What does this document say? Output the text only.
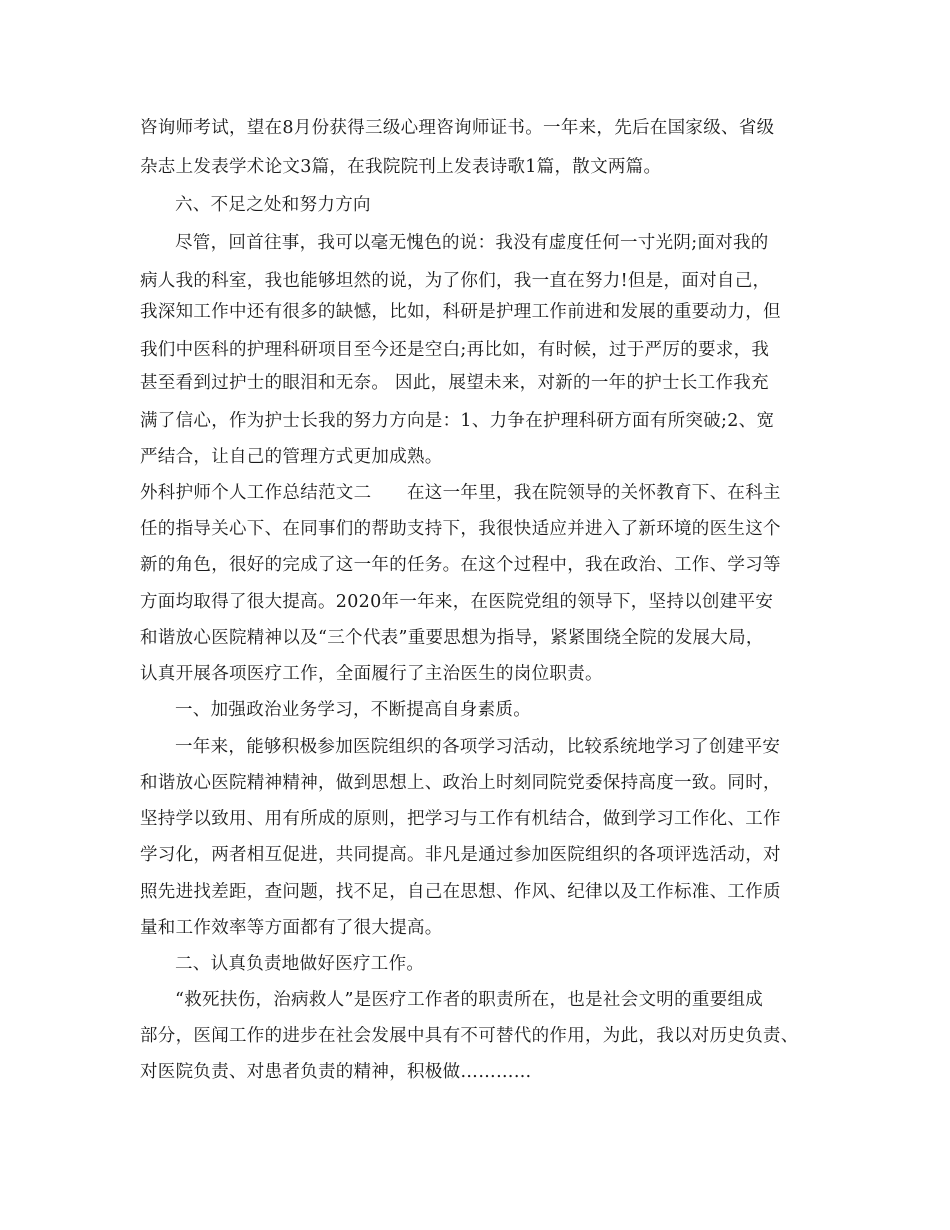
咨询师考试，望在8月份获得三级心理咨询师证书。一年来，先后在国家级、省级
杂志上发表学术论文3篇，在我院院刊上发表诗歌1篇，散文两篇。
六、不足之处和努力方向
尽管，回首往事，我可以毫无愧色的说：我没有虚度任何一寸光阴;面对我的
病人我的科室，我也能够坦然的说，为了你们，我一直在努力!但是，面对自己，
我深知工作中还有很多的缺憾，比如，科研是护理工作前进和发展的重要动力，但
我们中医科的护理科研项目至今还是空白;再比如，有时候，过于严厉的要求，我
甚至看到过护士的眼泪和无奈。 因此，展望未来，对新的一年的护士长工作我充
满了信心，作为护士长我的努力方向是：1、力争在护理科研方面有所突破;2、宽
严结合，让自己的管理方式更加成熟。
外科护师个人工作总结范文二　　在这一年里，我在院领导的关怀教育下、在科主
任的指导关心下、在同事们的帮助支持下，我很快适应并进入了新环境的医生这个
新的角色，很好的完成了这一年的任务。在这个过程中，我在政治、工作、学习等
方面均取得了很大提高。2020年一年来，在医院党组的领导下，坚持以创建平安
和谐放心医院精神以及“三个代表”重要思想为指导，紧紧围绕全院的发展大局，
认真开展各项医疗工作，全面履行了主治医生的岗位职责。
一、加强政治业务学习，不断提高自身素质。
一年来，能够积极参加医院组织的各项学习活动，比较系统地学习了创建平安
和谐放心医院精神精神，做到思想上、政治上时刻同院党委保持高度一致。同时，
坚持学以致用、用有所成的原则，把学习与工作有机结合，做到学习工作化、工作
学习化，两者相互促进，共同提高。非凡是通过参加医院组织的各项评选活动，对
照先进找差距，查问题，找不足，自己在思想、作风、纪律以及工作标准、工作质
量和工作效率等方面都有了很大提高。
二、认真负责地做好医疗工作。
“救死扶伤，治病救人”是医疗工作者的职责所在，也是社会文明的重要组成
部分，医闻工作的进步在社会发展中具有不可替代的作用，为此，我以对历史负责、
对医院负责、对患者负责的精神，积极做…………
